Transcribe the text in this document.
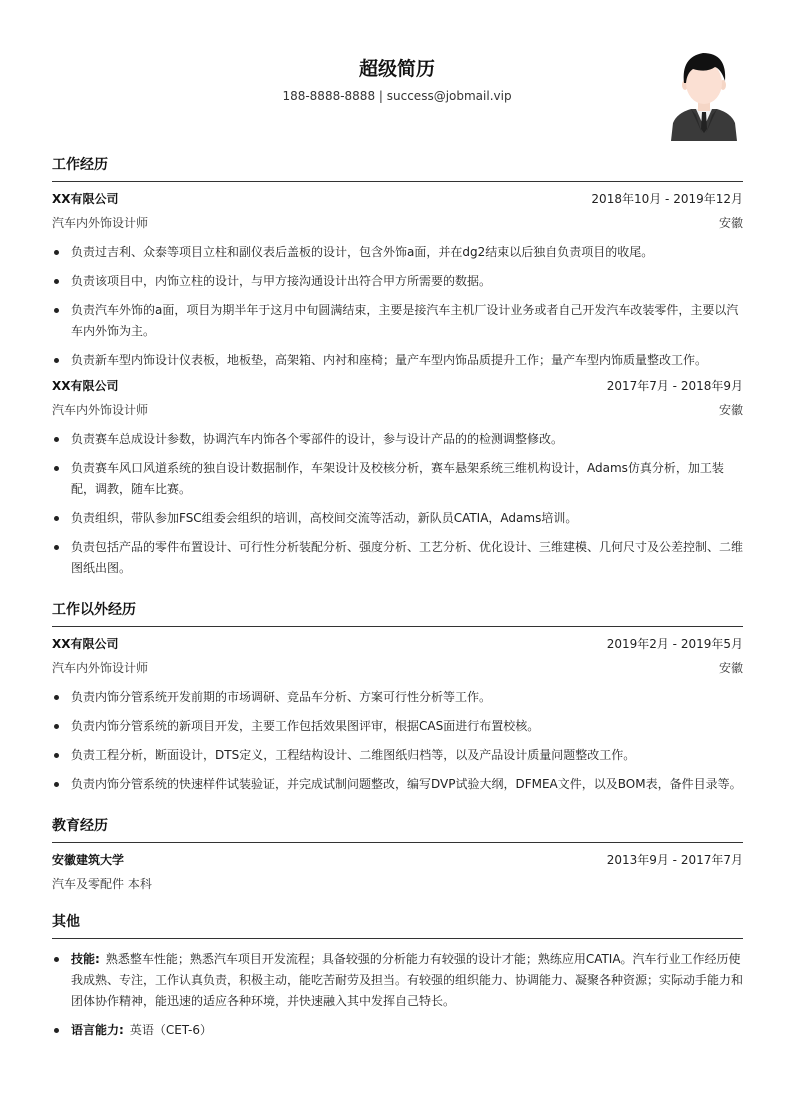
超级简历
188-8888-8888 | success@jobmail.vip
工作经历
XX有限公司	2018年10月 - 2019年12月
汽车内外饰设计师	安徽
负责过吉利、众泰等项目立柱和副仪表后盖板的设计，包含外饰a面，并在dg2结束以后独自负责项目的收尾。
负责该项目中，内饰立柱的设计，与甲方接沟通设计出符合甲方所需要的数据。
负责汽车外饰的a面，项目为期半年于这月中旬圆满结束，主要是接汽车主机厂设计业务或者自己开发汽车改装零件，主要以汽车内外饰为主。
负责新车型内饰设计仪表板，地板垫，高架箱、内衬和座椅；量产车型内饰品质提升工作；量产车型内饰质量整改工作。
XX有限公司	2017年7月 - 2018年9月
汽车内外饰设计师	安徽
负责赛车总成设计参数，协调汽车内饰各个零部件的设计，参与设计产品的的检测调整修改。
负责赛车风口风道系统的独自设计数据制作，车架设计及校核分析，赛车悬架系统三维机构设计，Adams仿真分析，加工装配，调教，随车比赛。
负责组织，带队参加FSC组委会组织的培训，高校间交流等活动，新队员CATIA，Adams培训。
负责包括产品的零件布置设计、可行性分析装配分析、强度分析、工艺分析、优化设计、三维建模、几何尺寸及公差控制、二维图纸出图。
工作以外经历
XX有限公司	2019年2月 - 2019年5月
汽车内外饰设计师	安徽
负责内饰分管系统开发前期的市场调研、竞品车分析、方案可行性分析等工作。
负责内饰分管系统的新项目开发，主要工作包括效果图评审，根据CAS面进行布置校核。
负责工程分析，断面设计，DTS定义，工程结构设计、二维图纸归档等，以及产品设计质量问题整改工作。
负责内饰分管系统的快速样件试装验证，并完成试制问题整改，编写DVP试验大纲，DFMEA文件，以及BOM表，备件目录等。
教育经历
安徽建筑大学	2013年9月 - 2017年7月
汽车及零配件 本科
其他
技能: 熟悉整车性能；熟悉汽车项目开发流程；具备较强的分析能力有较强的设计才能；熟练应用CATIA。汽车行业工作经历使我成熟、专注，工作认真负责，积极主动，能吃苦耐劳及担当。有较强的组织能力、协调能力、凝聚各种资源；实际动手能力和团体协作精神，能迅速的适应各种环境，并快速融入其中发挥自己特长。
语言能力: 英语（CET-6）
